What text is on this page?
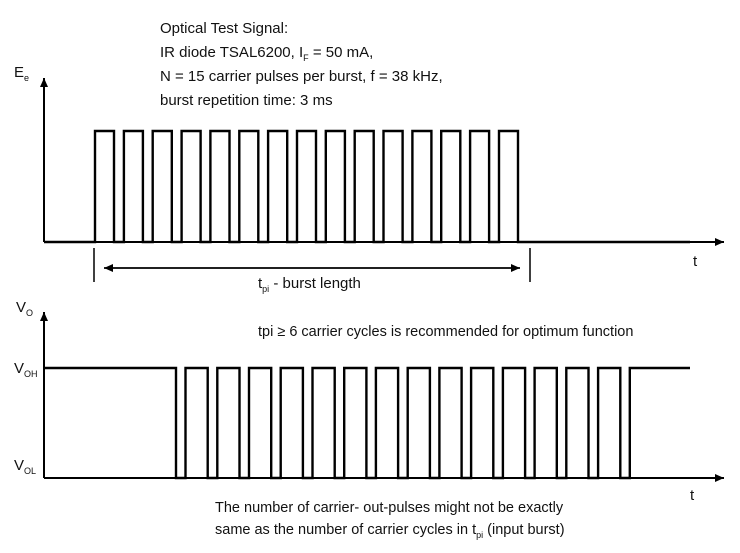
Optical Test Signal:
IR diode TSAL6200, $I_F = 50$ mA,
N = 15 carrier pulses per burst, f = 38 kHz,
burst repetition time: 3 ms
$E_e$
t
$t_{pi}$ - burst length
$V_O$
$V_{OH}$
$V_{OL}$
t
tpi ≥ 6 carrier cycles is recommended for optimum function
The number of carrier- out-pulses might not be exactly
same as the number of carrier cycles in $t_{pi}$ (input burst)
